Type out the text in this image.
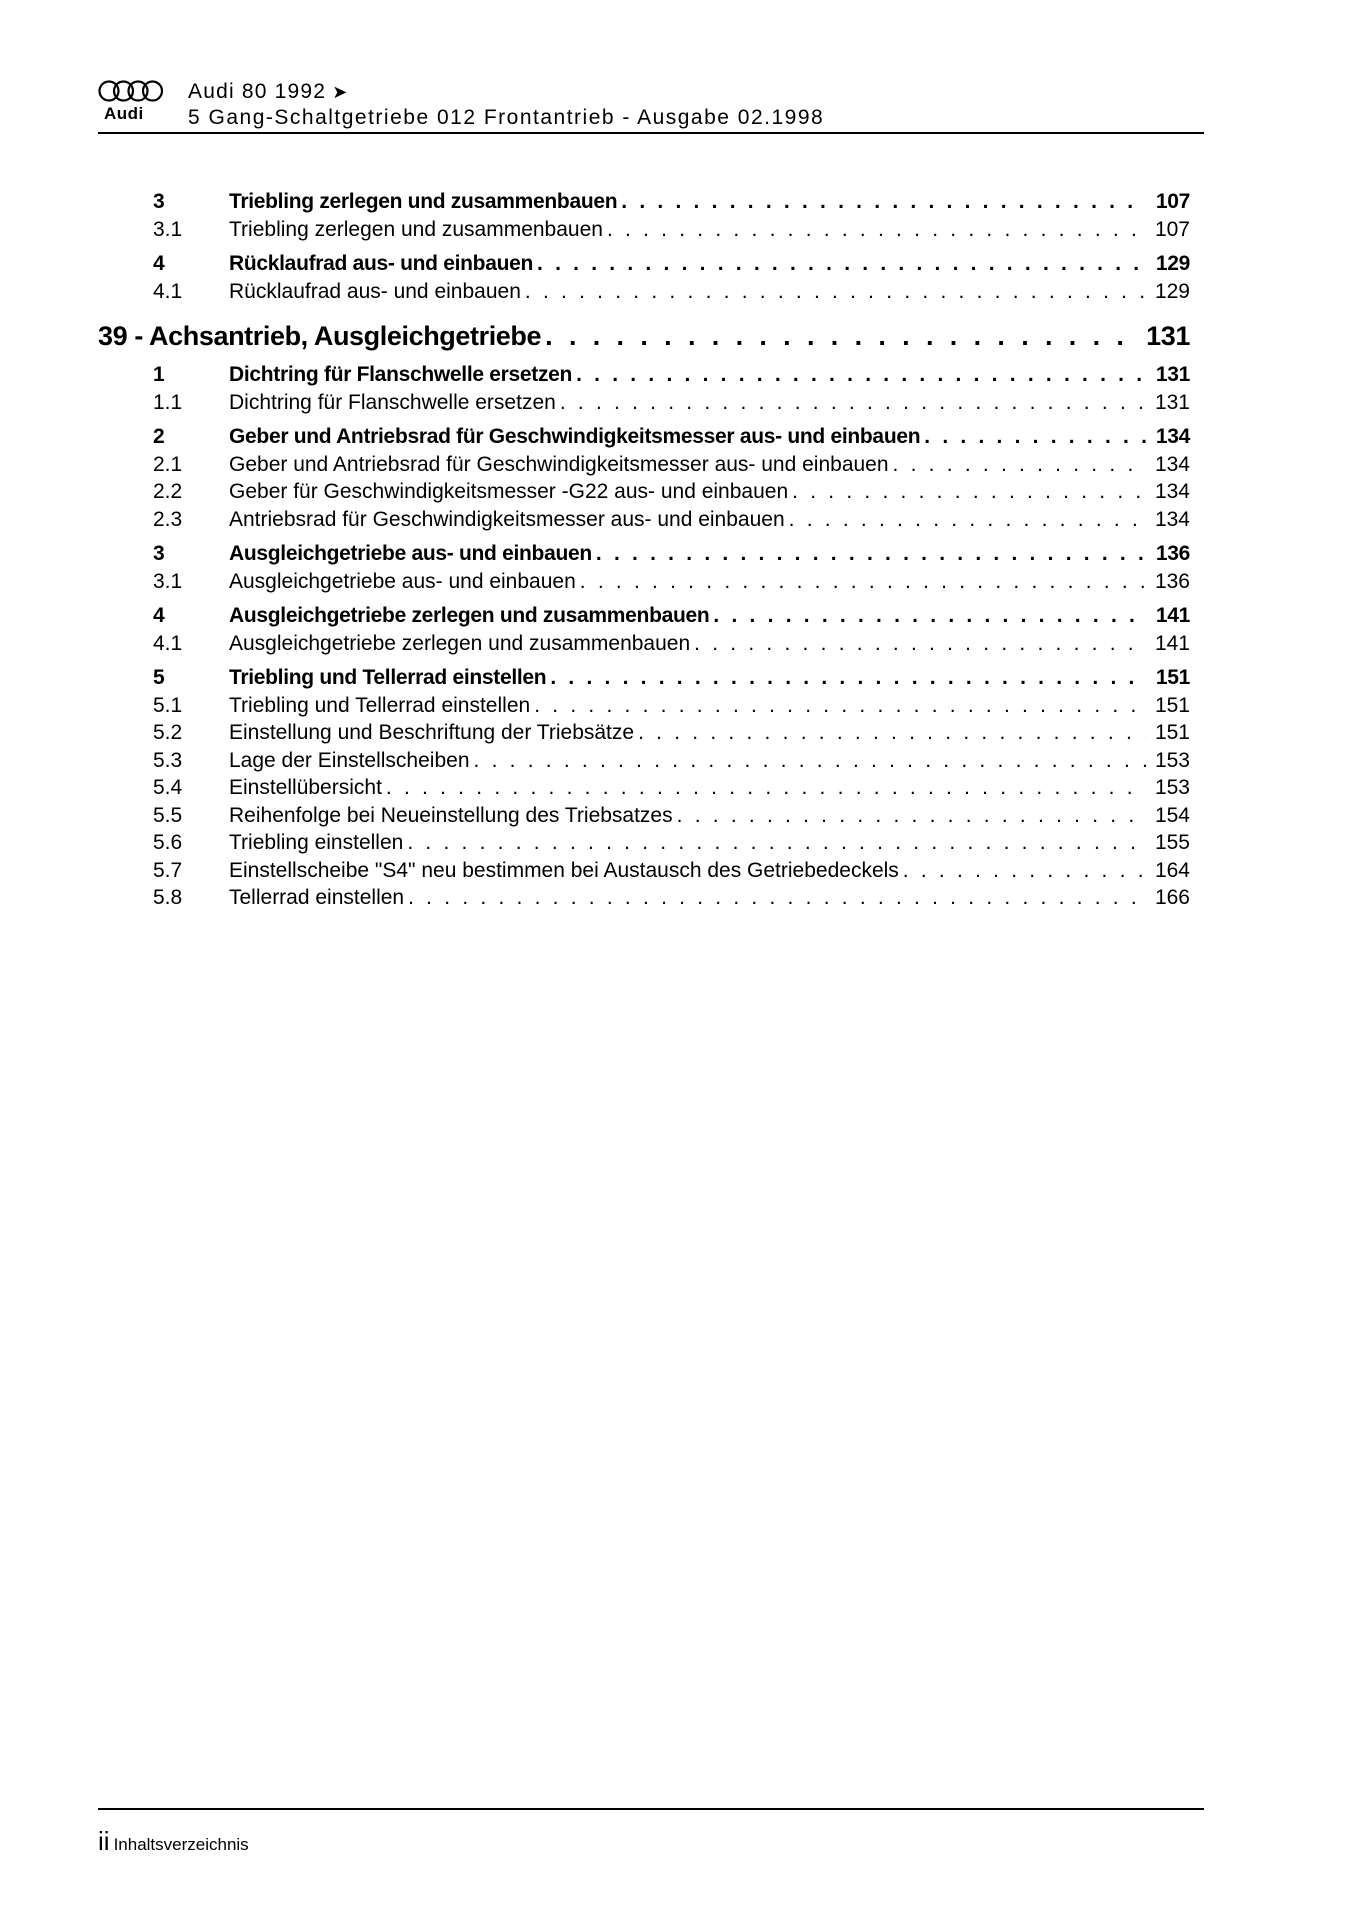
Audi
Audi 80 1992 ➤
5 Gang-Schaltgetriebe 012 Frontantrieb - Ausgabe 02.1998
3	Triebling zerlegen und zusammenbauen . . .	107
3.1	Triebling zerlegen und zusammenbauen . . .	107
4	Rücklaufrad aus- und einbauen . . .	129
4.1	Rücklaufrad aus- und einbauen . . .	129
39 - Achsantrieb, Ausgleichgetriebe . . .	131
1	Dichtring für Flanschwelle ersetzen . . .	131
1.1	Dichtring für Flanschwelle ersetzen . . .	131
2	Geber und Antriebsrad für Geschwindigkeitsmesser aus- und einbauen . . .	134
2.1	Geber und Antriebsrad für Geschwindigkeitsmesser aus- und einbauen . . .	134
2.2	Geber für Geschwindigkeitsmesser -G22 aus- und einbauen . . .	134
2.3	Antriebsrad für Geschwindigkeitsmesser aus- und einbauen . . .	134
3	Ausgleichgetriebe aus- und einbauen . . .	136
3.1	Ausgleichgetriebe aus- und einbauen . . .	136
4	Ausgleichgetriebe zerlegen und zusammenbauen . . .	141
4.1	Ausgleichgetriebe zerlegen und zusammenbauen . . .	141
5	Triebling und Tellerrad einstellen . . .	151
5.1	Triebling und Tellerrad einstellen . . .	151
5.2	Einstellung und Beschriftung der Triebsätze . . .	151
5.3	Lage der Einstellscheiben . . .	153
5.4	Einstellübersicht . . .	153
5.5	Reihenfolge bei Neueinstellung des Triebsatzes . . .	154
5.6	Triebling einstellen . . .	155
5.7	Einstellscheibe "S4" neu bestimmen bei Austausch des Getriebedeckels . . .	164
5.8	Tellerrad einstellen . . .	166
ii Inhaltsverzeichnis
